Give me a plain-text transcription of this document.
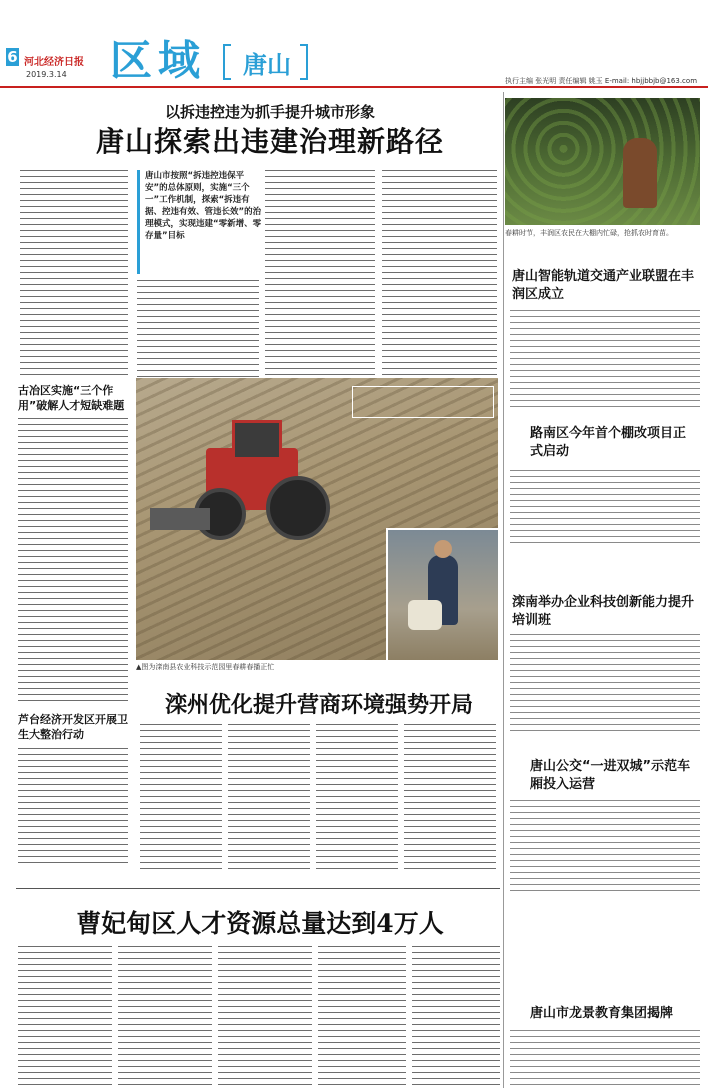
6 河北经济日报
2019.3.14 区域	唐山
执行主编 张光明 责任编辑 姚玉 E-mail: hbjjbbjb@163.com
以拆违控违为抓手提升城市形象
唐山探索出违建治理新路径
唐山市按照“拆违控违保平安”的总体原则，实施“三个一”工作机制，探索“拆违有据、控违有效、管违长效”的治理模式，实现违建“零新增、零存量”目标
古冶区实施“三个作用”破解人才短缺难题
芦台经济开发区开展卫生大整治行动
▲图为滦南县农业科技示范园里春耕春播正忙
滦州优化提升营商环境强势开局
春耕时节，丰润区农民在大棚内忙碌，抢抓农时育苗。
唐山智能轨道交通产业联盟在丰润区成立
路南区今年首个棚改项目正式启动
滦南举办企业科技创新能力提升培训班
唐山公交“一进双城”示范车厢投入运营
唐山市龙景教育集团揭牌
曹妃甸区人才资源总量达到4万人
